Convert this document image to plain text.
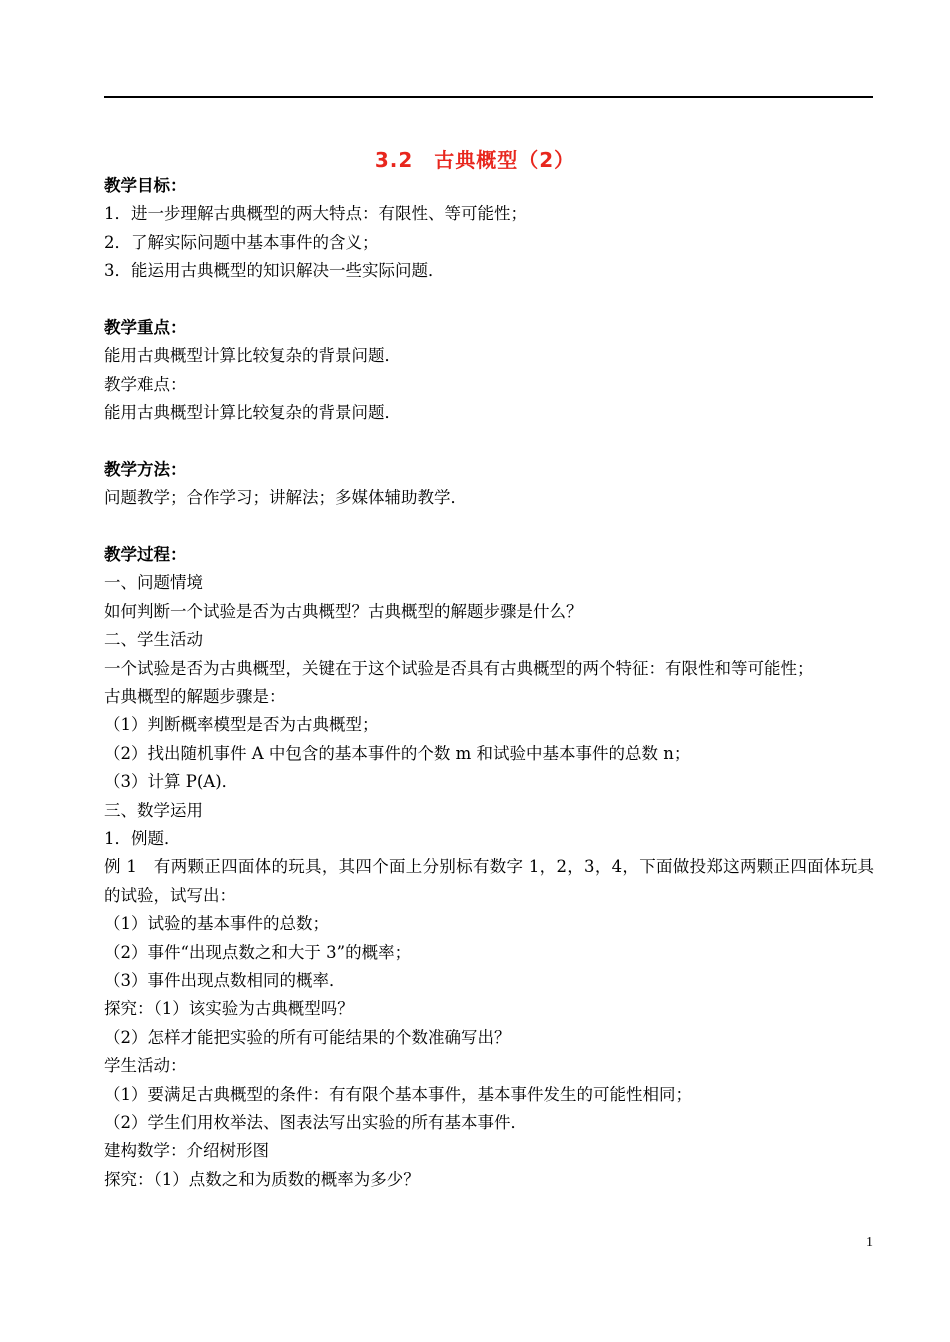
3.2　古典概型（2）
教学目标：
1．进一步理解古典概型的两大特点：有限性、等可能性；
2．了解实际问题中基本事件的含义；
3．能运用古典概型的知识解决一些实际问题．
教学重点：
能用古典概型计算比较复杂的背景问题．
教学难点：
能用古典概型计算比较复杂的背景问题．
教学方法：
问题教学；合作学习；讲解法；多媒体辅助教学．
教学过程：
一、问题情境
如何判断一个试验是否为古典概型？古典概型的解题步骤是什么？
二、学生活动
一个试验是否为古典概型，关键在于这个试验是否具有古典概型的两个特征：有限性和等可能性；
古典概型的解题步骤是：
（1）判断概率模型是否为古典概型；
（2）找出随机事件 A 中包含的基本事件的个数 m 和试验中基本事件的总数 n；
（3）计算 P(A)．
三、数学运用
1．例题．
例 1　有两颗正四面体的玩具，其四个面上分别标有数字 1，2，3，4，下面做投郑这两颗正四面体玩具的试验，试写出：
（1）试验的基本事件的总数；
（2）事件“出现点数之和大于 3”的概率；
（3）事件出现点数相同的概率．
探究：（1）该实验为古典概型吗？
（2）怎样才能把实验的所有可能结果的个数准确写出？
学生活动：
（1）要满足古典概型的条件：有有限个基本事件，基本事件发生的可能性相同；
（2）学生们用枚举法、图表法写出实验的所有基本事件．
建构数学：介绍树形图
探究：（1）点数之和为质数的概率为多少？
1
